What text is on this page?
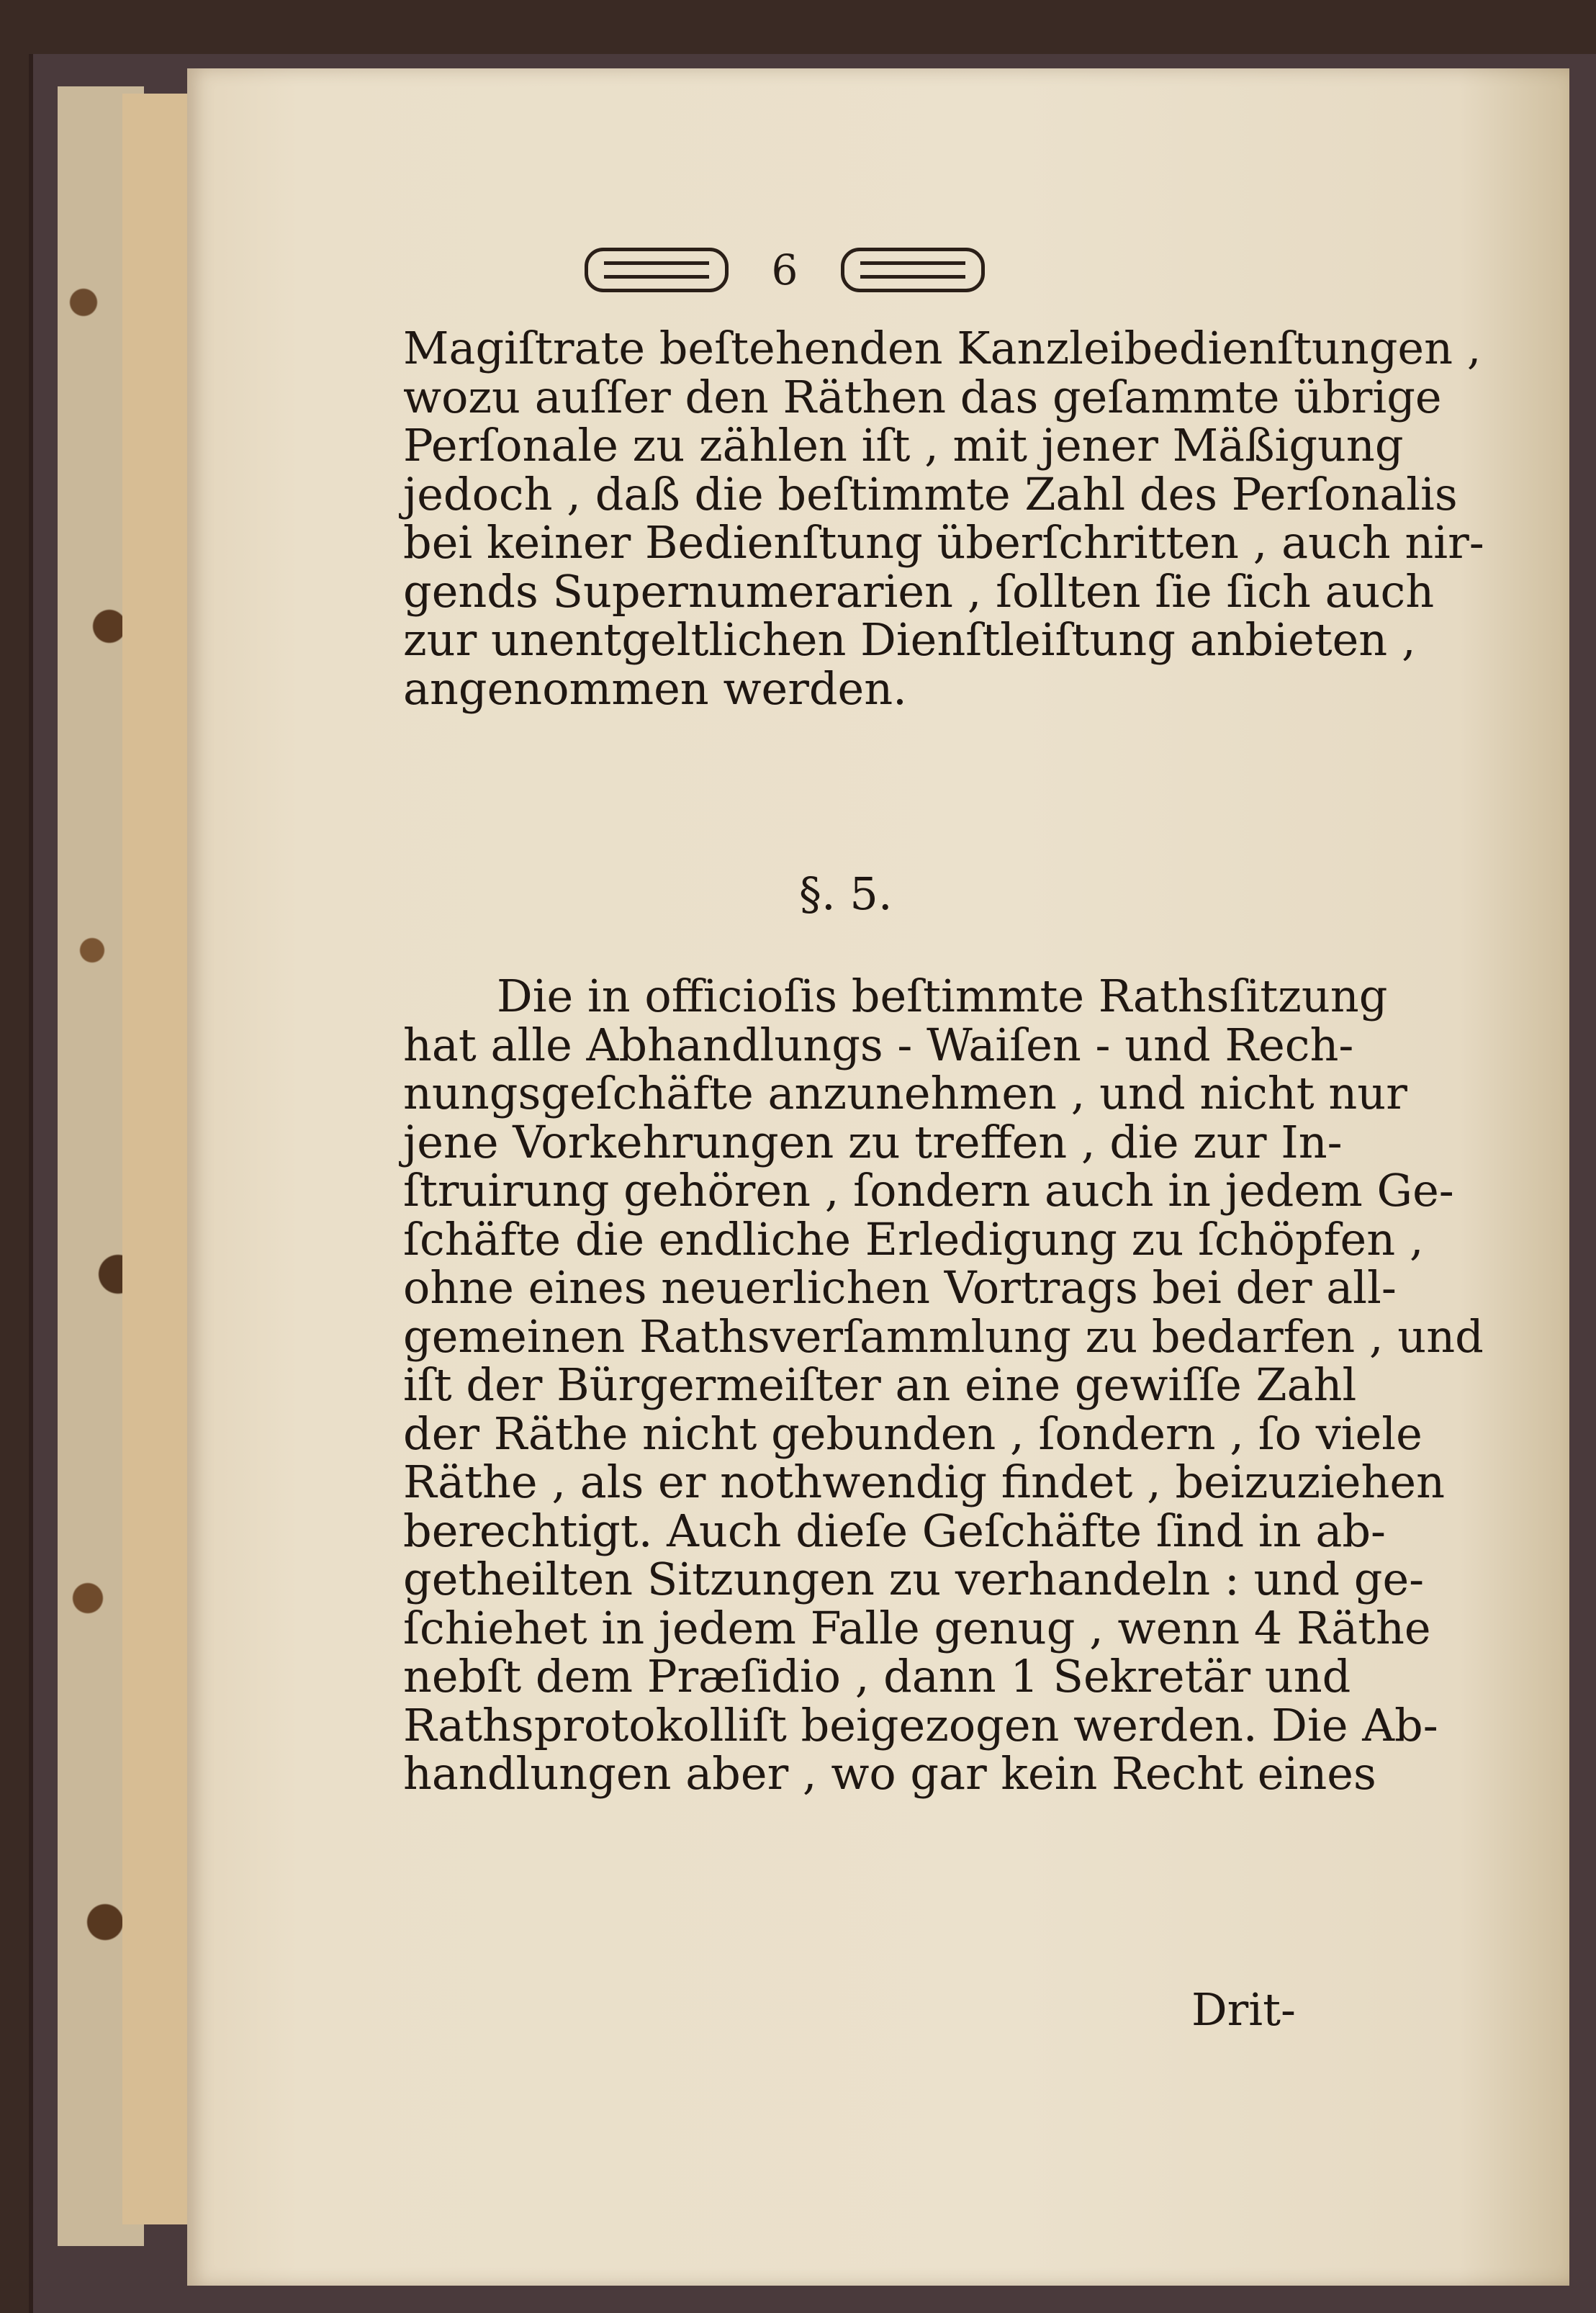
6
Magiſtrate beſtehenden Kanzleibedienſtungen ,
wozu auſſer den Räthen das geſammte übrige
Perſonale zu zählen iſt , mit jener Mäßigung
jedoch , daß die beſtimmte Zahl des Perſonalis
bei keiner Bedienſtung überſchritten , auch nir-
gends Supernumerarien , ſollten ſie ſich auch
zur unentgeltlichen Dienſtleiſtung anbieten ,
angenommen werden.
§. 5.
Die in officioſis beſtimmte Rathsſitzung
hat alle Abhandlungs - Waiſen - und Rech-
nungsgeſchäfte anzunehmen , und nicht nur
jene Vorkehrungen zu treffen , die zur In-
ſtruirung gehören , ſondern auch in jedem Ge-
ſchäfte die endliche Erledigung zu ſchöpfen ,
ohne eines neuerlichen Vortrags bei der all-
gemeinen Rathsverſammlung zu bedarfen , und
iſt der Bürgermeiſter an eine gewiſſe Zahl
der Räthe nicht gebunden , ſondern , ſo viele
Räthe , als er nothwendig findet , beizuziehen
berechtigt. Auch dieſe Geſchäfte ſind in ab-
getheilten Sitzungen zu verhandeln : und ge-
ſchiehet in jedem Falle genug , wenn 4 Räthe
nebſt dem Præſidio , dann 1 Sekretär und
Rathsprotokolliſt beigezogen werden. Die Ab-
handlungen aber , wo gar kein Recht eines
Drit-
